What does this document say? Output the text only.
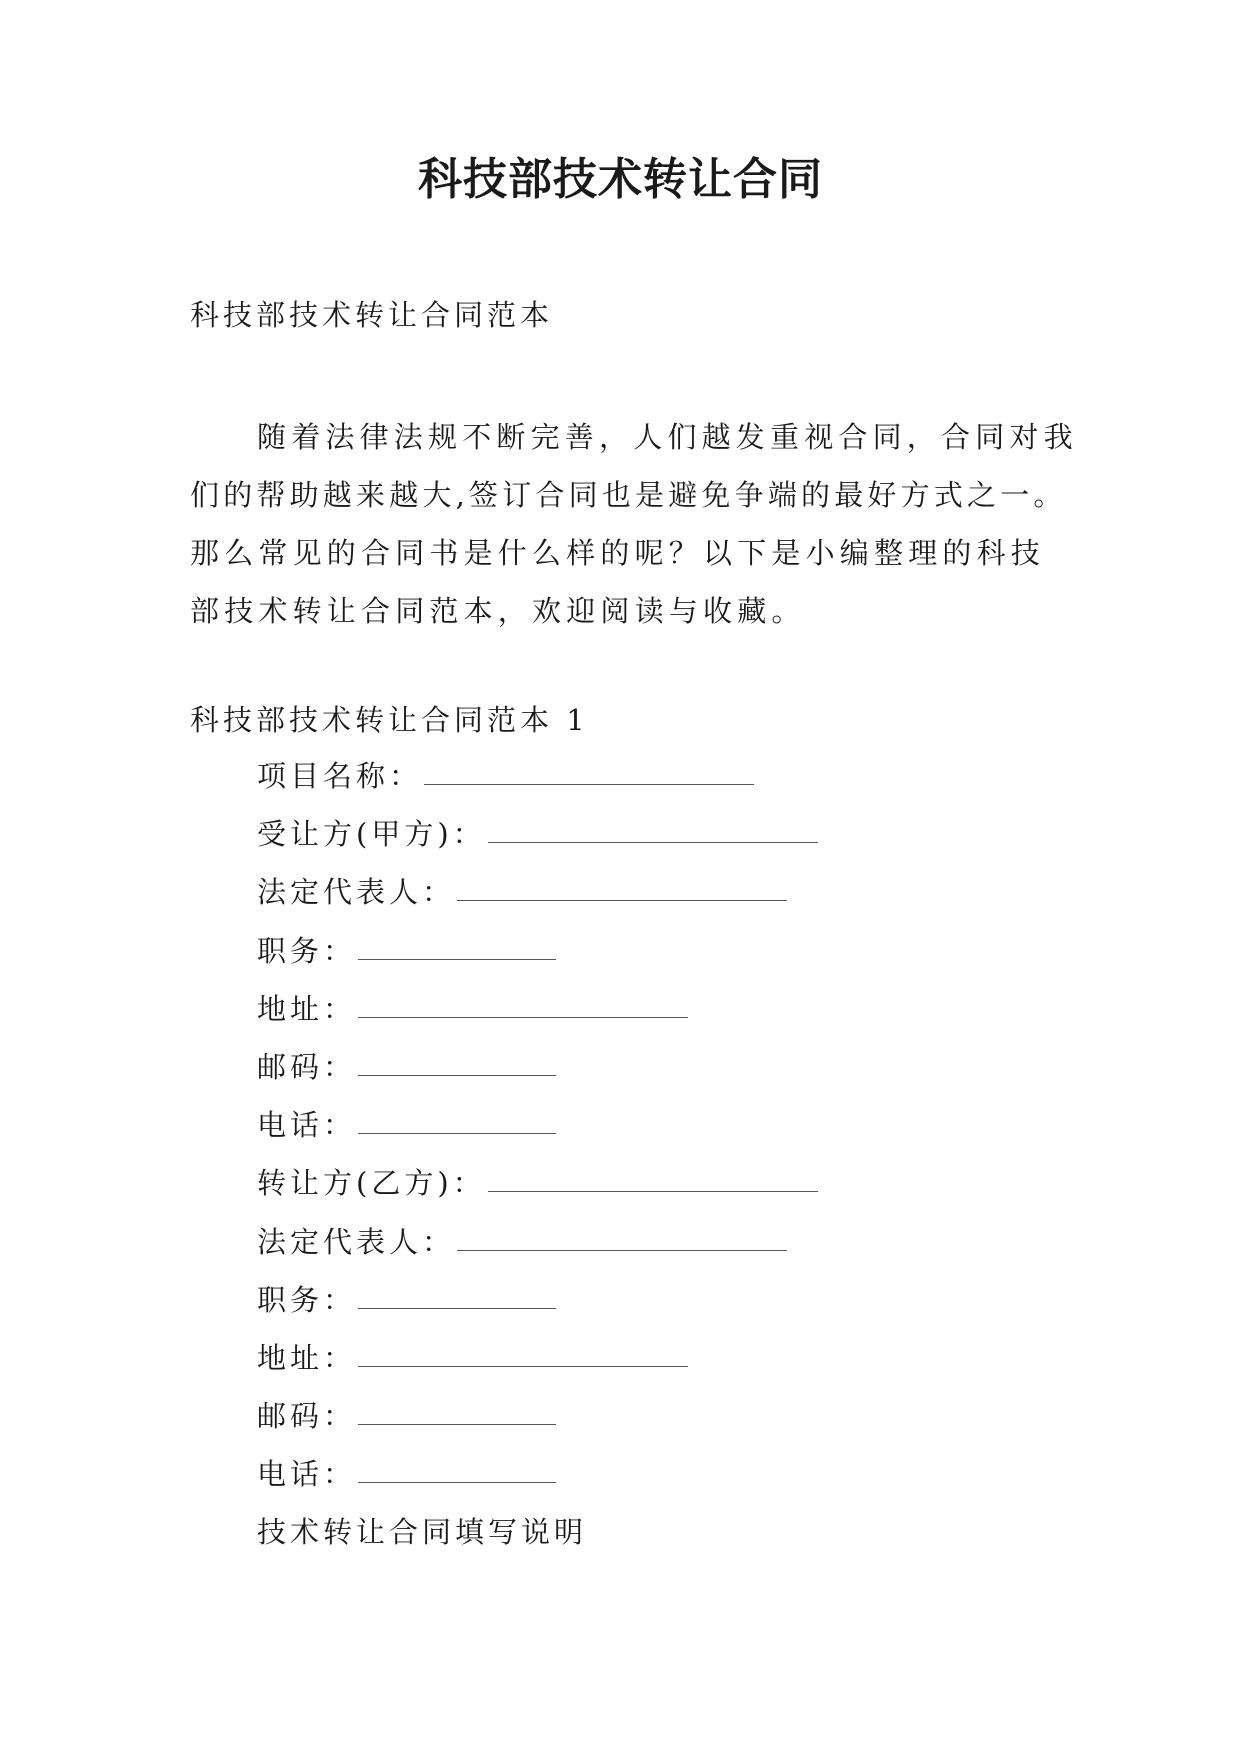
科技部技术转让合同
科技部技术转让合同范本
随着法律法规不断完善，人们越发重视合同，合同对我
们的帮助越来越大,签订合同也是避免争端的最好方式之一。
那么常见的合同书是什么样的呢？以下是小编整理的科技
部技术转让合同范本，欢迎阅读与收藏。
科技部技术转让合同范本 1
项目名称：
受让方(甲方)：
法定代表人：
职务：
地址：
邮码：
电话：
转让方(乙方)：
法定代表人：
职务：
地址：
邮码：
电话：
技术转让合同填写说明
